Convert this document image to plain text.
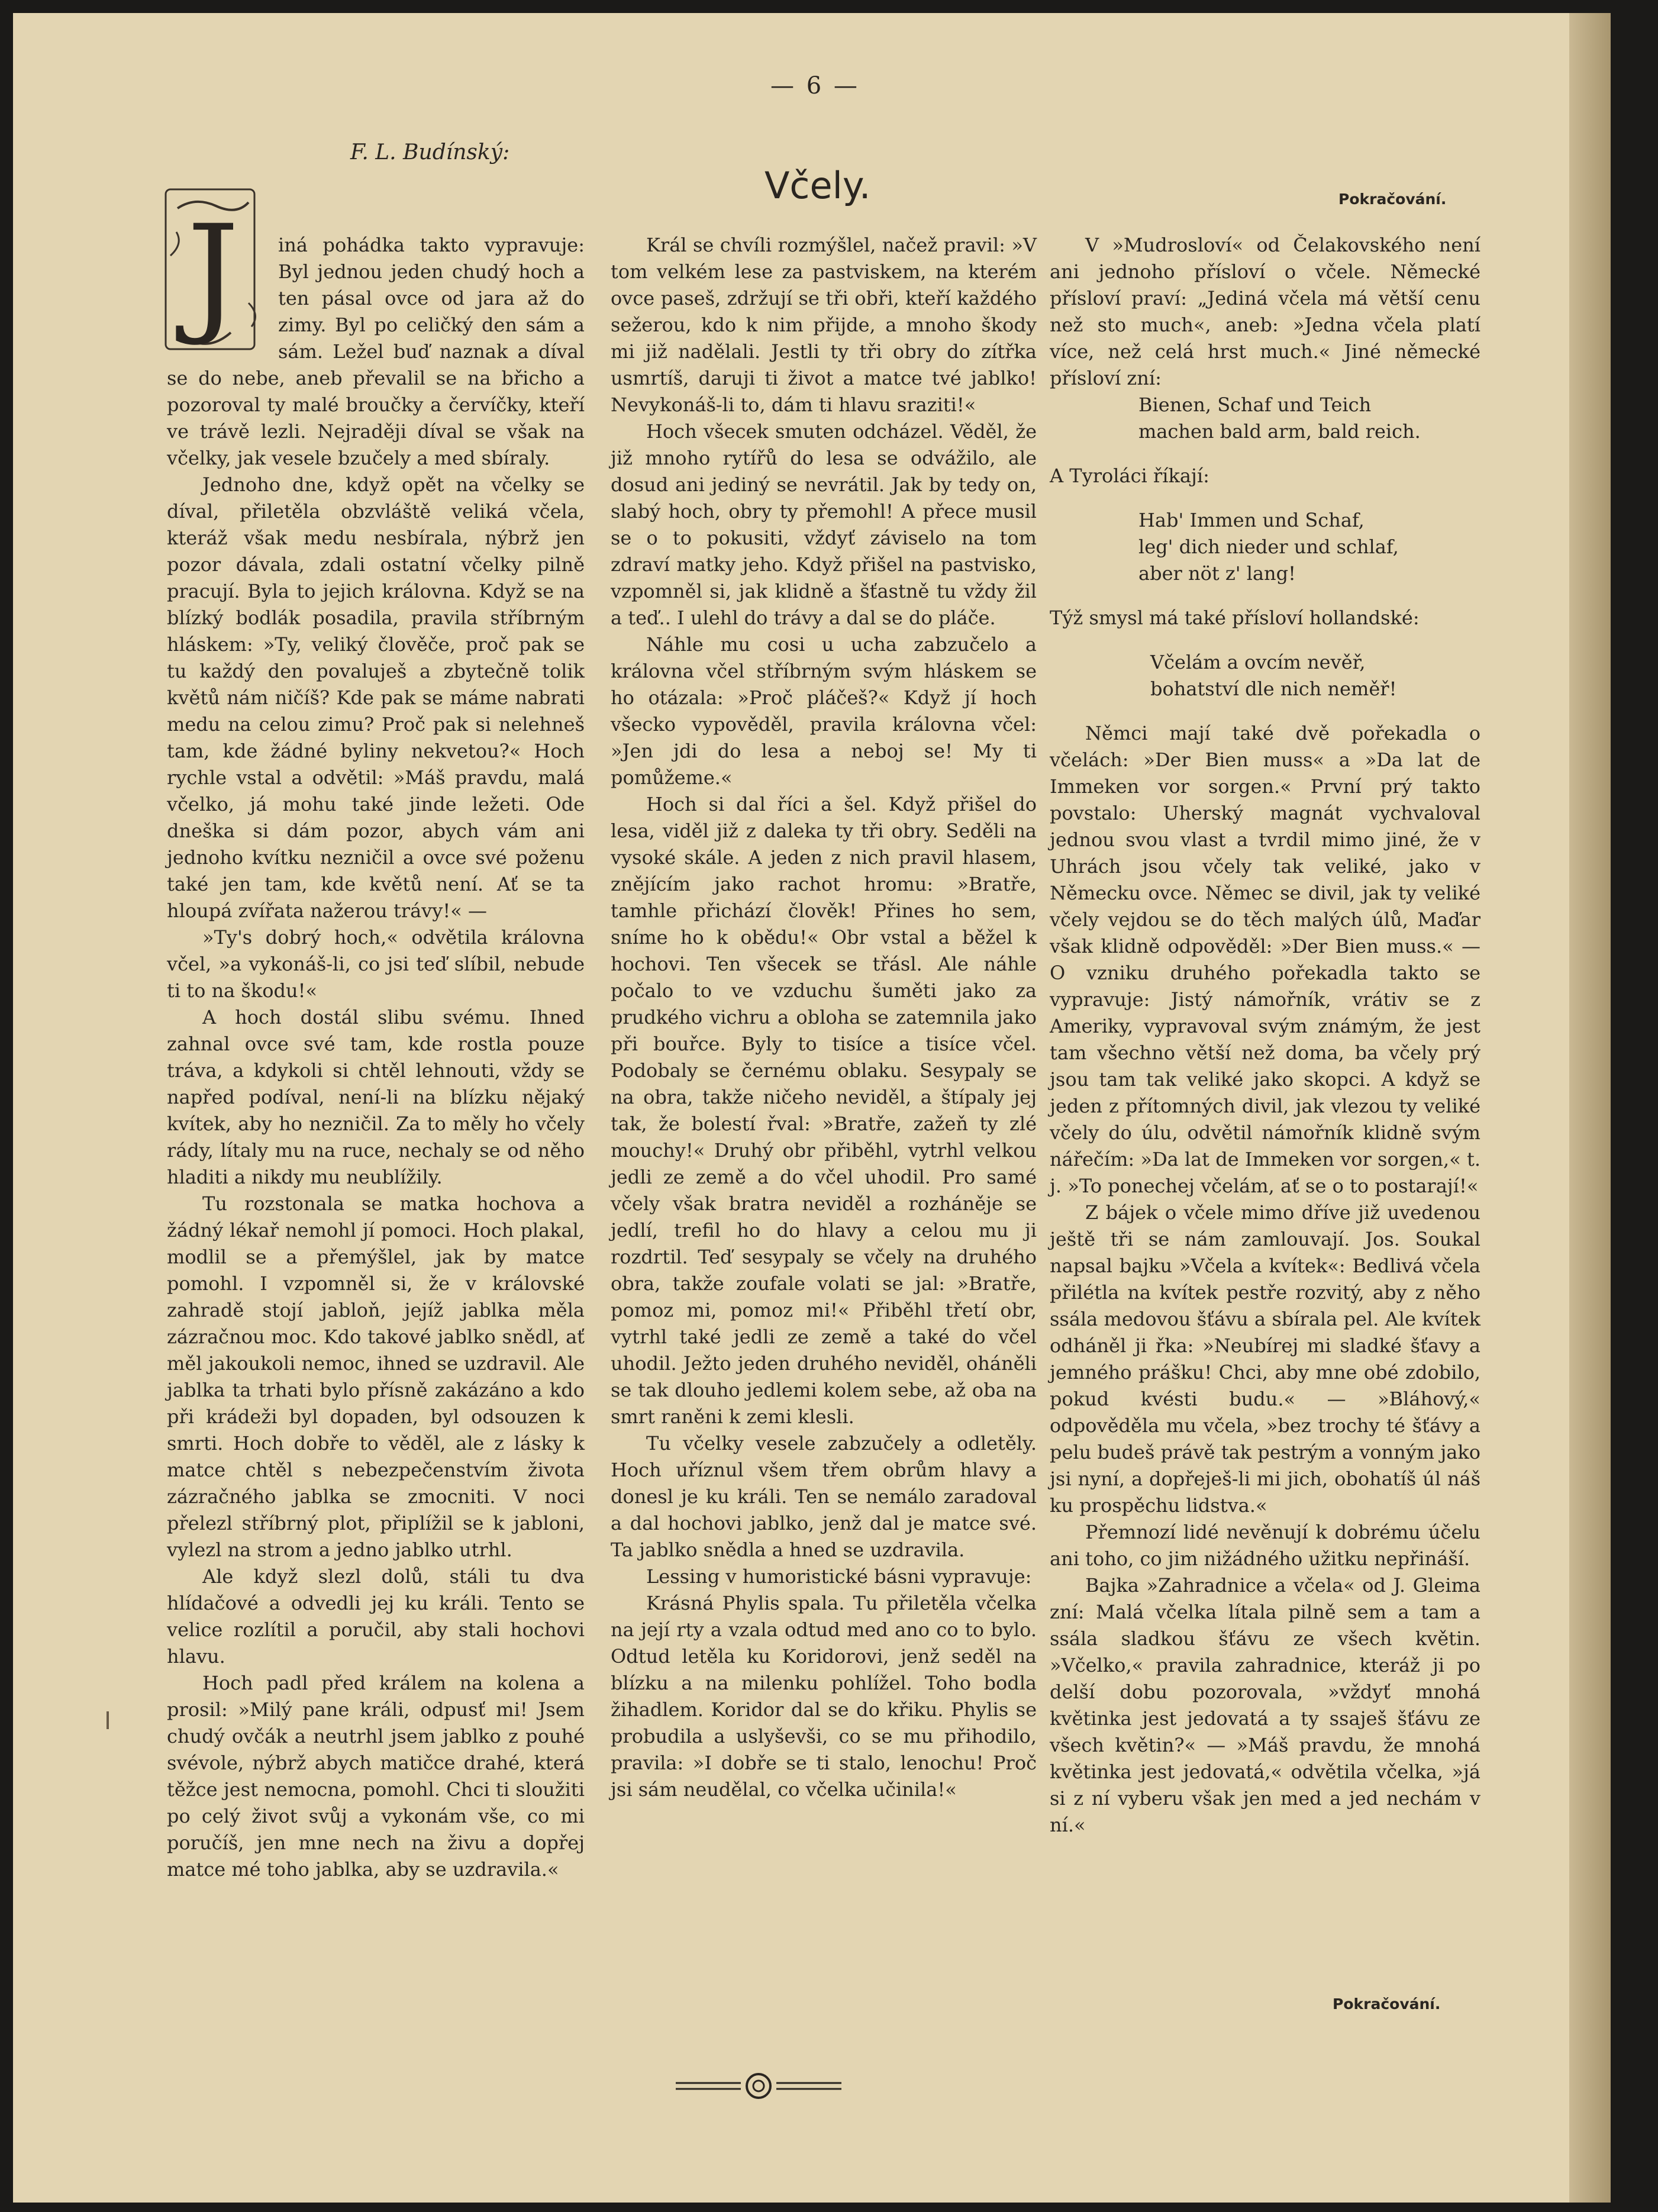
— 6 —
F. L. Budínský:
Včely.	Pokračování.
J	iná pohádka takto vypravuje: Byl jednou jeden chudý hoch a ten pásal ovce od jara až do zimy. Byl po celičký den sám a sám. Ležel buď naznak a díval se do nebe, aneb převalil se na břicho a pozoroval ty malé broučky a červíčky, kteří ve trávě lezli. Nejraději díval se však na včelky, jak vesele bzučely a med sbíraly.

Jednoho dne, když opět na včelky se díval, přiletěla obzvláště veliká včela, kteráž však medu nesbírala, nýbrž jen pozor dávala, zdali ostatní včelky pilně pracují. Byla to jejich královna. Když se na blízký bodlák posadila, pravila stříbrným hláskem: »Ty, veliký člověče, proč pak se tu každý den povaluješ a zbytečně tolik květů nám ničíš? Kde pak se máme nabrati medu na celou zimu? Proč pak si nelehneš tam, kde žádné byliny nekvetou?« Hoch rychle vstal a odvětil: »Máš pravdu, malá včelko, já mohu také jinde ležeti. Ode dneška si dám pozor, abych vám ani jednoho kvítku nezničil a ovce své poženu také jen tam, kde květů není. Ať se ta hloupá zvířata nažerou trávy!« —

»Ty's dobrý hoch,« odvětila královna včel, »a vykonáš-li, co jsi teď slíbil, nebude ti to na škodu!«

A hoch dostál slibu svému. Ihned zahnal ovce své tam, kde rostla pouze tráva, a kdykoli si chtěl lehnouti, vždy se napřed podíval, není-li na blízku nějaký kvítek, aby ho nezničil. Za to měly ho včely rády, lítaly mu na ruce, nechaly se od něho hladiti a nikdy mu neublížily.

Tu rozstonala se matka hochova a žádný lékař nemohl jí pomoci. Hoch plakal, modlil se a přemýšlel, jak by matce pomohl. I vzpomněl si, že v královské zahradě stojí jabloň, jejíž jablka měla zázračnou moc. Kdo takové jablko snědl, ať měl jakoukoli nemoc, ihned se uzdravil. Ale jablka ta trhati bylo přísně zakázáno a kdo při krádeži byl dopaden, byl odsouzen k smrti. Hoch dobře to věděl, ale z lásky k matce chtěl s nebezpečenstvím života zázračného jablka se zmocniti. V noci přelezl stříbrný plot, připlížil se k jabloni, vylezl na strom a jedno jablko utrhl.

Ale když slezl dolů, stáli tu dva hlídačové a odvedli jej ku králi. Tento se velice rozlítil a poručil, aby stali hochovi hlavu.

Hoch padl před králem na kolena a prosil: »Milý pane králi, odpusť mi! Jsem chudý ovčák a neutrhl jsem jablko z pouhé svévole, nýbrž abych matičce drahé, která těžce jest nemocna, pomohl. Chci ti sloužiti po celý život svůj a vykonám vše, co mi poručíš, jen mne nech na živu a dopřej matce mé toho jablka, aby se uzdravila.«

Král se chvíli rozmýšlel, načež pravil: »V tom velkém lese za pastviskem, na kterém ovce paseš, zdržují se tři obři, kteří každého sežerou, kdo k nim přijde, a mnoho škody mi již nadělali. Jestli ty tři obry do zítřka usmrtíš, daruji ti život a matce tvé jablko! Nevykonáš-li to, dám ti hlavu sraziti!«

Hoch všecek smuten odcházel. Věděl, že již mnoho rytířů do lesa se odvážilo, ale dosud ani jediný se nevrátil. Jak by tedy on, slabý hoch, obry ty přemohl! A přece musil se o to pokusiti, vždyť záviselo na tom zdraví matky jeho. Když přišel na pastvisko, vzpomněl si, jak klidně a šťastně tu vždy žil a teď.. I ulehl do trávy a dal se do pláče.

Náhle mu cosi u ucha zabzučelo a královna včel stříbrným svým hláskem se ho otázala: »Proč pláčeš?« Když jí hoch všecko vypověděl, pravila královna včel: »Jen jdi do lesa a neboj se! My ti pomůžeme.«

Hoch si dal říci a šel. Když přišel do lesa, viděl již z daleka ty tři obry. Seděli na vysoké skále. A jeden z nich pravil hlasem, znějícím jako rachot hromu: »Bratře, tamhle přichází člověk! Přines ho sem, sníme ho k obědu!« Obr vstal a běžel k hochovi. Ten všecek se třásl. Ale náhle počalo to ve vzduchu šuměti jako za prudkého vichru a obloha se zatemnila jako při bouřce. Byly to tisíce a tisíce včel. Podobaly se černému oblaku. Sesypaly se na obra, takže ničeho neviděl, a štípaly jej tak, že bolestí řval: »Bratře, zažeň ty zlé mouchy!« Druhý obr přiběhl, vytrhl velkou jedli ze země a do včel uhodil. Pro samé včely však bratra neviděl a rozháněje se jedlí, trefil ho do hlavy a celou mu ji rozdrtil. Teď sesypaly se včely na druhého obra, takže zoufale volati se jal: »Bratře, pomoz mi, pomoz mi!« Přiběhl třetí obr, vytrhl také jedli ze země a také do včel uhodil. Ježto jeden druhého neviděl, oháněli se tak dlouho jedlemi kolem sebe, až oba na smrt raněni k zemi klesli.

Tu včelky vesele zabzučely a odletěly. Hoch uříznul všem třem obrům hlavy a donesl je ku králi. Ten se nemálo zaradoval a dal hochovi jablko, jenž dal je matce své. Ta jablko snědla a hned se uzdravila.

Lessing v humoristické básni vypravuje:

Krásná Phylis spala. Tu přiletěla včelka na její rty a vzala odtud med ano co to bylo. Odtud letěla ku Koridorovi, jenž seděl na blízku a na milenku pohlížel. Toho bodla žihadlem. Koridor dal se do křiku. Phylis se probudila a uslyševši, co se mu přihodilo, pravila: »I dobře se ti stalo, lenochu! Proč jsi sám neudělal, co včelka učinila!«

V »Mudrosloví« od Čelakovského není ani jednoho přísloví o včele. Německé přísloví praví: „Jediná včela má větší cenu než sto much«, aneb: »Jedna včela platí více, než celá hrst much.« Jiné německé přísloví zní:

Bienen, Schaf und Teich
machen bald arm, bald reich.

A Tyroláci říkají:

Hab' Immen und Schaf,
leg' dich nieder und schlaf,
aber nöt z' lang!

Týž smysl má také přísloví hollandské:

Včelám a ovcím nevěř,
bohatství dle nich neměř!

Němci mají také dvě pořekadla o včelách: »Der Bien muss« a »Da lat de Immeken vor sorgen.« První prý takto povstalo: Uherský magnát vychvaloval jednou svou vlast a tvrdil mimo jiné, že v Uhrách jsou včely tak veliké, jako v Německu ovce. Němec se divil, jak ty veliké včely vejdou se do těch malých úlů, Maďar však klidně odpověděl: »Der Bien muss.« — O vzniku druhého pořekadla takto se vypravuje: Jistý námořník, vrátiv se z Ameriky, vypravoval svým známým, že jest tam všechno větší než doma, ba včely prý jsou tam tak veliké jako skopci. A když se jeden z přítomných divil, jak vlezou ty veliké včely do úlu, odvětil námořník klidně svým nářečím: »Da lat de Immeken vor sorgen,« t. j. »To ponechej včelám, ať se o to postarají!«

Z bájek o včele mimo dříve již uvedenou ještě tři se nám zamlouvají. Jos. Soukal napsal bajku »Včela a kvítek«: Bedlivá včela přilétla na kvítek pestře rozvitý, aby z něho ssála medovou šťávu a sbírala pel. Ale kvítek odháněl ji řka: »Neubírej mi sladké šťavy a jemného prášku! Chci, aby mne obé zdobilo, pokud kvésti budu.« — »Bláhový,« odpověděla mu včela, »bez trochy té šťávy a pelu budeš právě tak pestrým a vonným jako jsi nyní, a dopřeješ-li mi jich, obohatíš úl náš ku prospěchu lidstva.«

Přemnozí lidé nevěnují k dobrému účelu ani toho, co jim nižádného užitku nepřináší.

Bajka »Zahradnice a včela« od J. Gleima zní: Malá včelka lítala pilně sem a tam a ssála sladkou šťávu ze všech květin. »Včelko,« pravila zahradnice, kteráž ji po delší dobu pozorovala, »vždyť mnohá květinka jest jedovatá a ty ssaješ šťávu ze všech květin?« — »Máš pravdu, že mnohá květinka jest jedovatá,« odvětila včelka, »já si z ní vyberu však jen med a jed nechám v ní.«

Pokračování.
